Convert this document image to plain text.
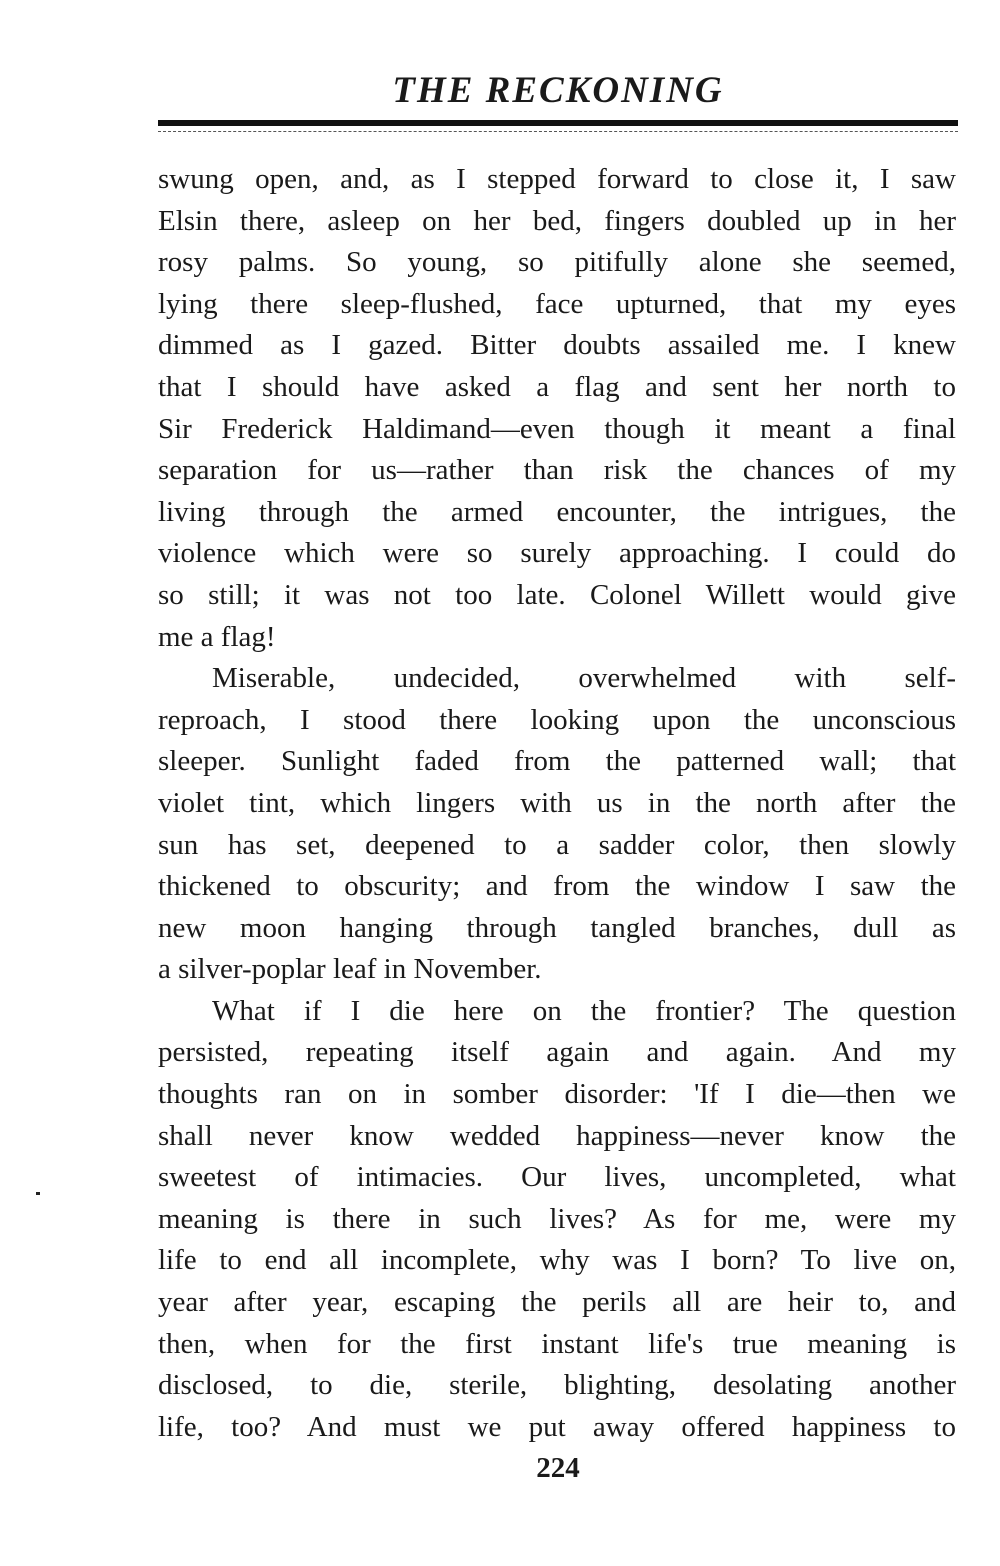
THE RECKONING
swung open, and, as I stepped forward to close it, I saw
Elsin there, asleep on her bed, fingers doubled up in her
rosy palms. So young, so pitifully alone she seemed,
lying there sleep-flushed, face upturned, that my eyes
dimmed as I gazed. Bitter doubts assailed me. I knew
that I should have asked a flag and sent her north to
Sir Frederick Haldimand—even though it meant a final
separation for us—rather than risk the chances of my
living through the armed encounter, the intrigues, the
violence which were so surely approaching. I could do
so still; it was not too late. Colonel Willett would give
me a flag!
Miserable, undecided, overwhelmed with self-
reproach, I stood there looking upon the unconscious
sleeper. Sunlight faded from the patterned wall; that
violet tint, which lingers with us in the north after the
sun has set, deepened to a sadder color, then slowly
thickened to obscurity; and from the window I saw the
new moon hanging through tangled branches, dull as
a silver-poplar leaf in November.
What if I die here on the frontier? The question
persisted, repeating itself again and again. And my
thoughts ran on in somber disorder: 'If I die—then we
shall never know wedded happiness—never know the
sweetest of intimacies. Our lives, uncompleted, what
meaning is there in such lives? As for me, were my
life to end all incomplete, why was I born? To live on,
year after year, escaping the perils all are heir to, and
then, when for the first instant life's true meaning is
disclosed, to die, sterile, blighting, desolating another
life, too? And must we put away offered happiness to
224
